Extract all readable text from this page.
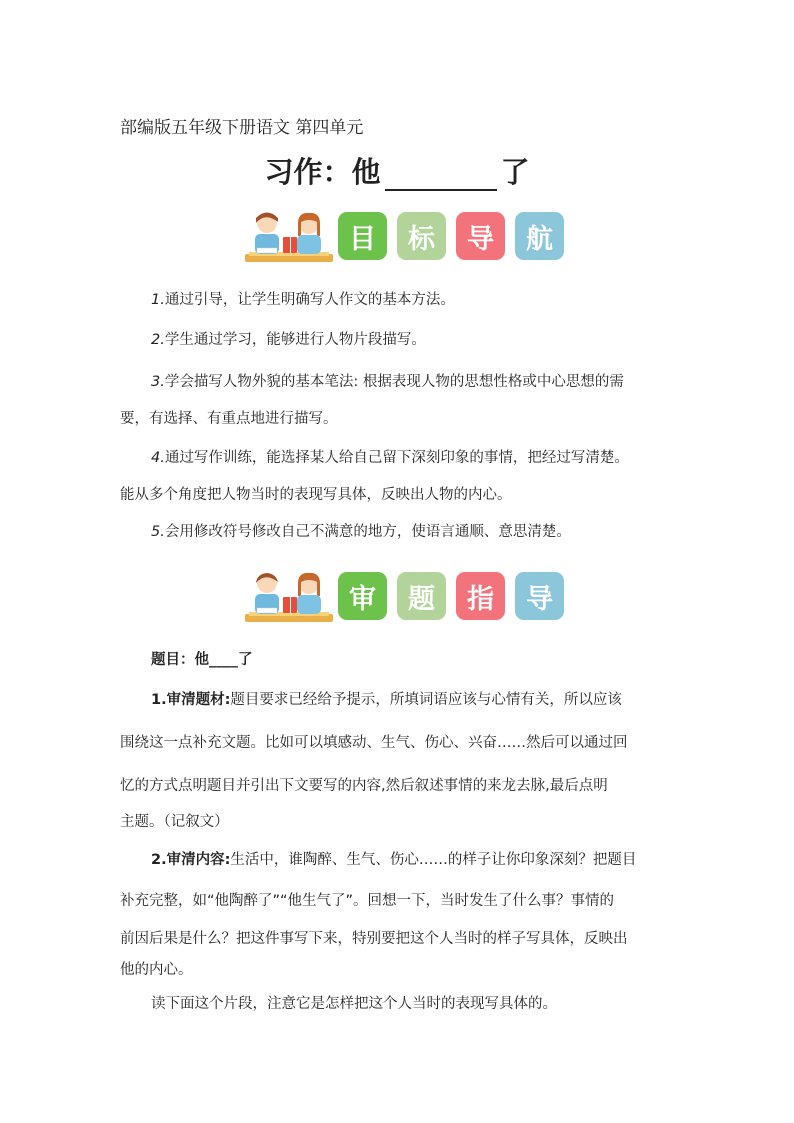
部编版五年级下册语文 第四单元
习作：他	了
目	标	导	航
1.通过引导，让学生明确写人作文的基本方法。
2.学生通过学习，能够进行人物片段描写。
3.学会描写人物外貌的基本笔法: 根据表现人物的思想性格或中心思想的需
要，有选择、有重点地进行描写。
4.通过写作训练，能选择某人给自己留下深刻印象的事情，把经过写清楚。
能从多个角度把人物当时的表现写具体，反映出人物的内心。
5.会用修改符号修改自己不满意的地方，使语言通顺、意思清楚。
审	题	指	导
题目：他____了
1.审清题材:题目要求已经给予提示，所填词语应该与心情有关，所以应该
围绕这一点补充文题。比如可以填感动、生气、伤心、兴奋……然后可以通过回
忆的方式点明题目并引出下文要写的内容,然后叙述事情的来龙去脉,最后点明
主题。（记叙文）
2.审清内容:生活中，谁陶醉、生气、伤心……的样子让你印象深刻？把题目
补充完整，如“他陶醉了”“他生气了”。回想一下，当时发生了什么事？事情的
前因后果是什么？把这件事写下来，特别要把这个人当时的样子写具体，反映出
他的内心。
读下面这个片段，注意它是怎样把这个人当时的表现写具体的。
